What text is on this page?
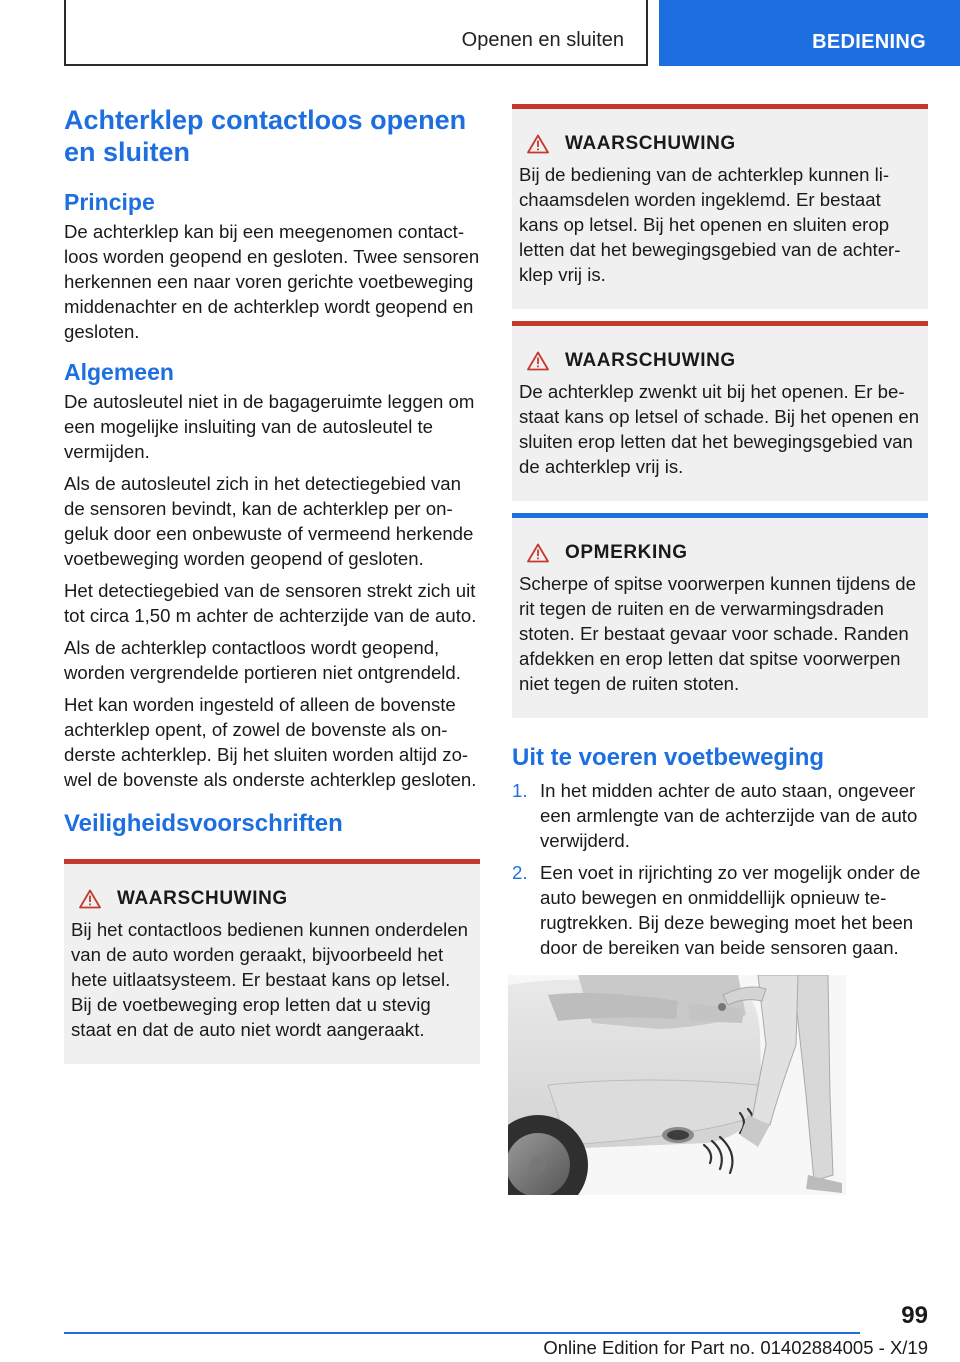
Openen en sluiten	BEDIENING
Achterklep contactloos openen en sluiten
Principe

De achterklep kan bij een meegenomen contactloos worden geopend en gesloten. Twee sensoren herkennen een naar voren gerichte voetbeweging middenachter en de achterklep wordt geopend en gesloten.

Algemeen

De autosleutel niet in de bagageruimte leggen om een mogelijke insluiting van de autosleutel te vermijden.

Als de autosleutel zich in het detectiegebied van de sensoren bevindt, kan de achterklep per ongeluk door een onbewuste of vermeend herkende voetbeweging worden geopend of gesloten.

Het detectiegebied van de sensoren strekt zich uit tot circa 1,50 m achter de achterzijde van de auto.

Als de achterklep contactloos wordt geopend, worden vergrendelde portieren niet ontgrendeld.

Het kan worden ingesteld of alleen de bovenste achterklep opent, of zowel de bovenste als onderste achterklep. Bij het sluiten worden altijd zowel de bovenste als onderste achterklep gesloten.

Veiligheidsvoorschriften
WAARSCHUWING
Bij het contactloos bedienen kunnen onderdelen van de auto worden geraakt, bijvoorbeeld het hete uitlaatsysteem. Er bestaat kans op letsel. Bij de voetbeweging erop letten dat u stevig staat en dat de auto niet wordt aangeraakt.
WAARSCHUWING
Bij de bediening van de achterklep kunnen lichaamsdelen worden ingeklemd. Er bestaat kans op letsel. Bij het openen en sluiten erop letten dat het bewegingsgebied van de achterklep vrij is.
WAARSCHUWING
De achterklep zwenkt uit bij het openen. Er bestaat kans op letsel of schade. Bij het openen en sluiten erop letten dat het bewegingsgebied van de achterklep vrij is.
OPMERKING
Scherpe of spitse voorwerpen kunnen tijdens de rit tegen de ruiten en de verwarmingsdraden stoten. Er bestaat gevaar voor schade. Randen afdekken en erop letten dat spitse voorwerpen niet tegen de ruiten stoten.
Uit te voeren voetbeweging
1. In het midden achter de auto staan, ongeveer een armlengte van de achterzijde van de auto verwijderd.
2. Een voet in rijrichting zo ver mogelijk onder de auto bewegen en onmiddellijk opnieuw terugtrekken. Bij deze beweging moet het been door de bereiken van beide sensoren gaan.
99
Online Edition for Part no. 01402884005 - X/19
